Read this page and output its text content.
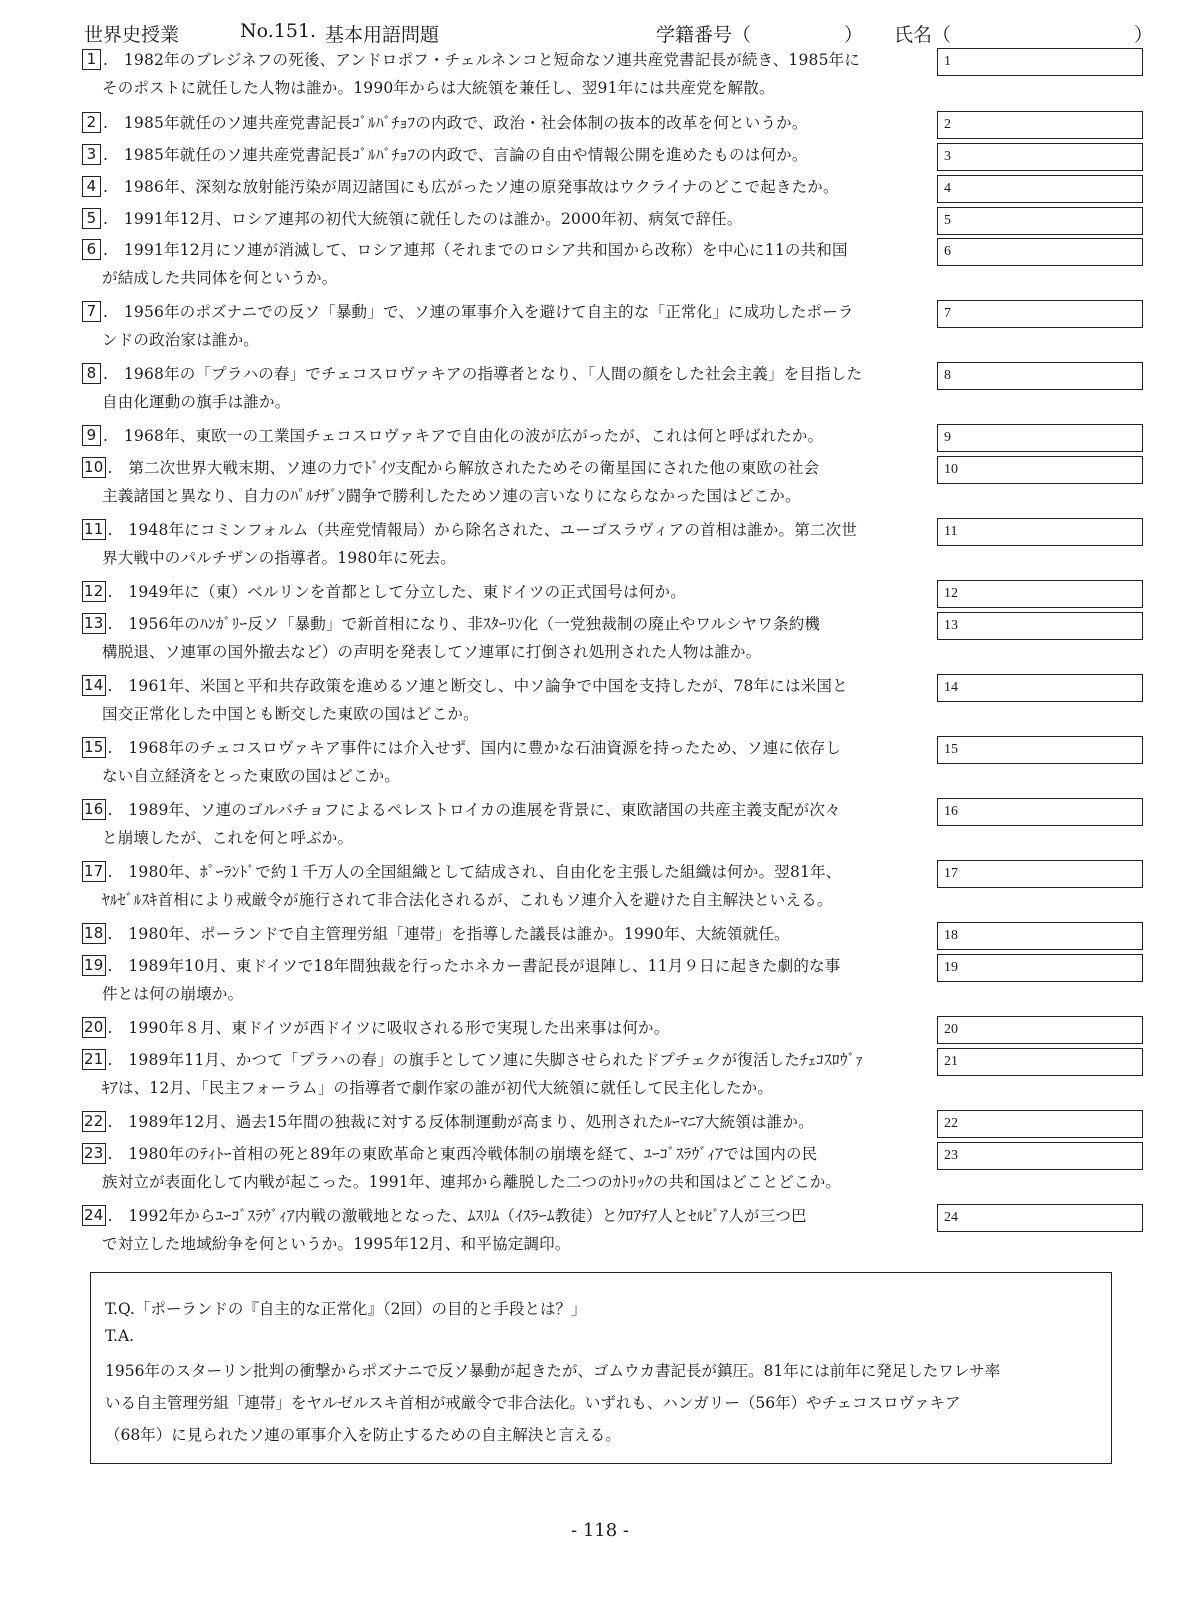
世界史授業	No.151. 基本用語問題	学籍番号（	） 氏名（
　	）
1 .　1982年のブレジネフの死後、アンドロポフ・チェルネンコと短命なソ連共産党書記長が続き、1985年に
そのポストに就任した人物は誰か。1990年からは大統領を兼任し、翌91年には共産党を解散。
1
2 .　1985年就任のソ連共産党書記長ｺﾞﾙﾊﾞﾁｮﾌの内政で、政治・社会体制の抜本的改革を何というか。	2
3 .　1985年就任のソ連共産党書記長ｺﾞﾙﾊﾞﾁｮﾌの内政で、言論の自由や情報公開を進めたものは何か。	3
4 .　1986年、深刻な放射能汚染が周辺諸国にも広がったソ連の原発事故はウクライナのどこで起きたか。	4
5 .　1991年12月、ロシア連邦の初代大統領に就任したのは誰か。2000年初、病気で辞任。	5
6 .　1991年12月にソ連が消滅して、ロシア連邦（それまでのロシア共和国から改称）を中心に11の共和国
が結成した共同体を何というか。
6
7 .　1956年のポズナニでの反ソ「暴動」で、ソ連の軍事介入を避けて自主的な「正常化」に成功したポーラ
ンドの政治家は誰か。
7
8 .　1968年の「プラハの春」でチェコスロヴァキアの指導者となり、「人間の顔をした社会主義」を目指した
自由化運動の旗手は誰か。
8
9 .　1968年、東欧一の工業国チェコスロヴァキアで自由化の波が広がったが、これは何と呼ばれたか。	9
10 .　第二次世界大戦末期、ソ連の力でﾄﾞｲﾂ支配から解放されたためその衛星国にされた他の東欧の社会
主義諸国と異なり、自力のﾊﾟﾙﾁｻﾞﾝ闘争で勝利したためソ連の言いなりにならなかった国はどこか。
10
11 .　1948年にコミンフォルム（共産党情報局）から除名された、ユーゴスラヴィアの首相は誰か。第二次世
界大戦中のパルチザンの指導者。1980年に死去。
11
12 .　1949年に（東）ベルリンを首都として分立した、東ドイツの正式国号は何か。	12
13 .　1956年のﾊﾝｶﾞﾘｰ反ソ「暴動」で新首相になり、非ｽﾀｰﾘﾝ化（一党独裁制の廃止やワルシヤワ条約機
構脱退、ソ連軍の国外撤去など）の声明を発表してソ連軍に打倒され処刑された人物は誰か。
13
14 .　1961年、米国と平和共存政策を進めるソ連と断交し、中ソ論争で中国を支持したが、78年には米国と
国交正常化した中国とも断交した東欧の国はどこか。
14
15 .　1968年のチェコスロヴァキア事件には介入せず、国内に豊かな石油資源を持ったため、ソ連に依存し
ない自立経済をとった東欧の国はどこか。
15
16 .　1989年、ソ連のゴルバチョフによるペレストロイカの進展を背景に、東欧諸国の共産主義支配が次々
と崩壊したが、これを何と呼ぶか。
16
17 .　1980年、ﾎﾟｰﾗﾝﾄﾞで約１千万人の全国組織として結成され、自由化を主張した組織は何か。翌81年、
ﾔﾙｾﾞﾙｽｷ首相により戒厳令が施行されて非合法化されるが、これもソ連介入を避けた自主解決といえる。
17
18 .　1980年、ポーランドで自主管理労組「連帯」を指導した議長は誰か。1990年、大統領就任。	18
19 .　1989年10月、東ドイツで18年間独裁を行ったホネカー書記長が退陣し、11月９日に起きた劇的な事
件とは何の崩壊か。
19
20 .　1990年８月、東ドイツが西ドイツに吸収される形で実現した出来事は何か。	20
21 .　1989年11月、かつて「プラハの春」の旗手としてソ連に失脚させられたドプチェクが復活したﾁｪｺｽﾛｳﾞｧ
ｷｱは、12月、「民主フォーラム」の指導者で劇作家の誰が初代大統領に就任して民主化したか。
21
22 .　1989年12月、過去15年間の独裁に対する反体制運動が高まり、処刑されたﾙｰﾏﾆｱ大統領は誰か。	22
23 .　1980年のﾃｨﾄｰ首相の死と89年の東欧革命と東西冷戦体制の崩壊を経て、ﾕｰｺﾞｽﾗｳﾞｨｱでは国内の民
族対立が表面化して内戦が起こった。1991年、連邦から離脱した二つのｶﾄﾘｯｸの共和国はどことどこか。
23
24 .　1992年からﾕｰｺﾞｽﾗｳﾞｨｱ内戦の激戦地となった、ﾑｽﾘﾑ（ｲｽﾗｰﾑ教徒）とｸﾛｱﾁｱ人とｾﾙﾋﾞｱ人が三つ巴
で対立した地域紛争を何というか。1995年12月、和平協定調印。
24
T.Q.「ポーランドの『自主的な正常化』（2回）の目的と手段とは？」
T.A.
1956年のスターリン批判の衝撃からポズナニで反ソ暴動が起きたが、ゴムウカ書記長が鎮圧。81年には前年に発足したワレサ率
いる自主管理労組「連帯」をヤルゼルスキ首相が戒厳令で非合法化。いずれも、ハンガリー（56年）やチェコスロヴァキア
（68年）に見られたソ連の軍事介入を防止するための自主解決と言える。
- 118 -
